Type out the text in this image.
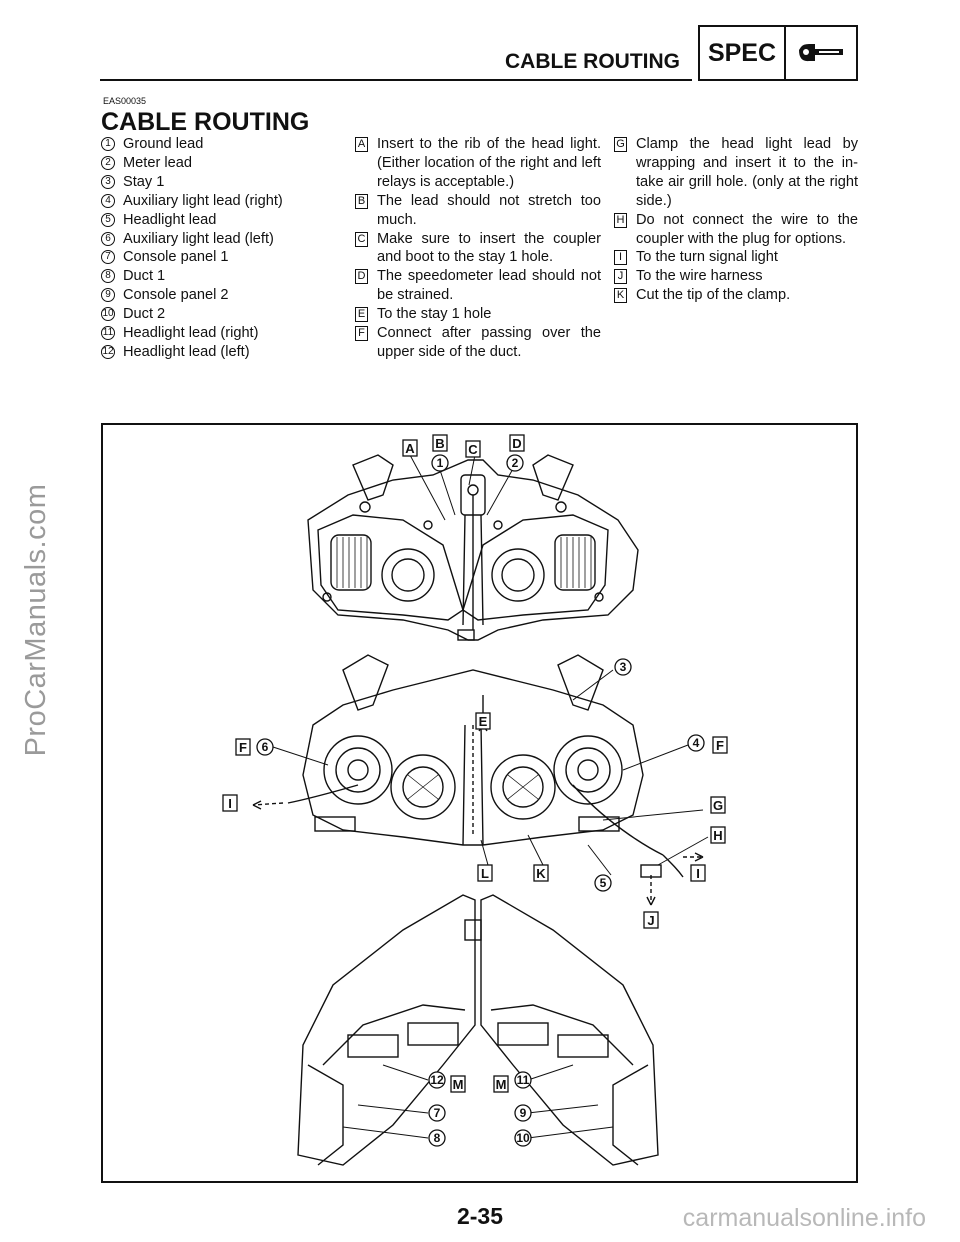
ProCarManuals.com
carmanualsonline.info
CABLE ROUTING	SPEC
EAS00035
CABLE ROUTING
1 Ground lead
2 Meter lead
3 Stay 1
4 Auxiliary light lead (right)
5 Headlight lead
6 Auxiliary light lead (left)
7 Console panel 1
8 Duct 1
9 Console panel 2
10 Duct 2
11 Headlight lead (right)
12 Headlight lead (left)
A Insert to the rib of the head light. (Either location of the right and left relays is acceptable.)
B The lead should not stretch too much.
C Make sure to insert the coupler and boot to the stay 1 hole.
D The speedometer lead should not be strained.
E To the stay 1 hole
F Connect after passing over the upper side of the duct.
G Clamp the head light lead by wrapping and insert it to the in-take air grill hole. (only at the right side.)
H Do not connect the wire to the coupler with the plug for options.
I To the turn signal light
J To the wire harness
K Cut the tip of the clamp.
A B C	D
E
F	F
G
H
I
I
J
K
L
M M
1	2
3
4
5
6
7
8
9
10
11
12
2-35
